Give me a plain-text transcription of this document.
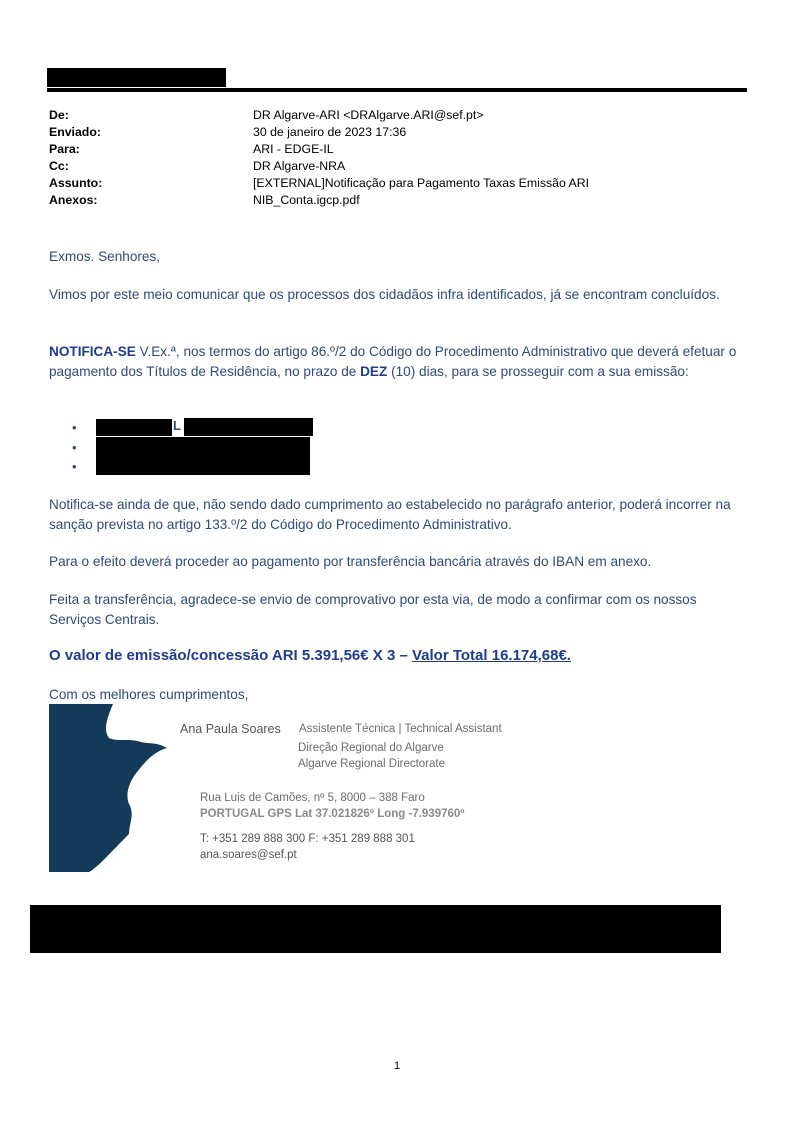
De:	DR Algarve-ARI <DRAlgarve.ARI@sef.pt>
Enviado:	30 de janeiro de 2023 17:36
Para:	ARI - EDGE-IL
Cc:	DR Algarve-NRA
Assunto:	[EXTERNAL]Notificação para Pagamento Taxas Emissão ARI
Anexos:	NIB_Conta.igcp.pdf

Exmos. Senhores,

Vimos por este meio comunicar que os processos dos cidadãos infra identificados, já se encontram concluídos.

NOTIFICA-SE V.Ex.ª, nos termos do artigo 86.º/2 do Código do Procedimento Administrativo que deverá efetuar o pagamento dos Títulos de Residência, no prazo de DEZ (10) dias, para se prosseguir com a sua emissão:

•
•
•
L

Notifica-se ainda de que, não sendo dado cumprimento ao estabelecido no parágrafo anterior, poderá incorrer na sanção prevista no artigo 133.º/2 do Código do Procedimento Administrativo.

Para o efeito deverá proceder ao pagamento por transferência bancária através do IBAN em anexo.

Feita a transferência, agradece-se envio de comprovativo por esta via, de modo a confirmar com os nossos Serviços Centrais.

O valor de emissão/concessão ARI 5.391,56€ X 3 – Valor Total 16.174,68€.

Com os melhores cumprimentos,

Ana Paula Soares Assistente Técnica | Technical Assistant
Direção Regional do Algarve
Algarve Regional Directorate
Rua Luis de Camões, nº 5, 8000 – 388 Faro
PORTUGAL GPS Lat 37.021826º Long -7.939760º
T: +351 289 888 300 F: +351 289 888 301
ana.soares@sef.pt
1
